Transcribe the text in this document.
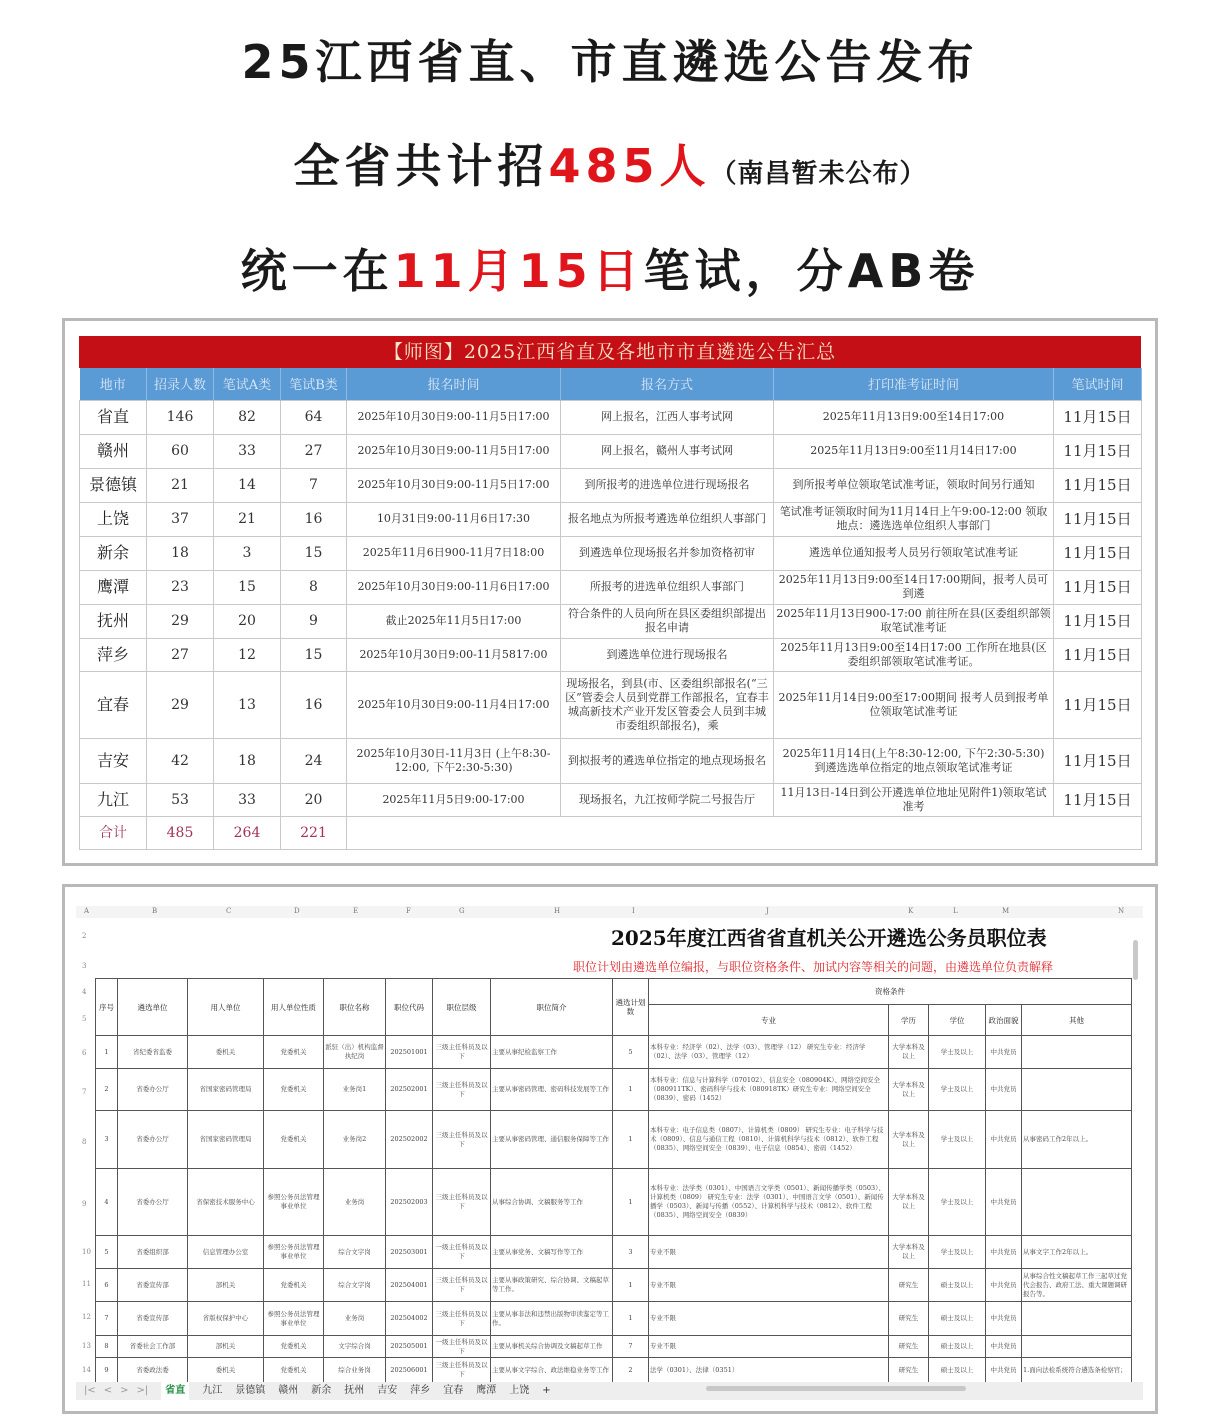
25江西省直、市直遴选公告发布
全省共计招485人（南昌暂未公布）
统一在11月15日笔试，分AB卷
【师图】2025江西省直及各地市市直遴选公告汇总
地市	招录人数	笔试A类	笔试B类	报名时间	报名方式	打印准考证时间	笔试时间
省直	146	82	64	2025年10月30日9:00-11月5日17:00	网上报名，江西人事考试网	2025年11月13日9:00至14日17:00	11月15日
赣州	60	33	27	2025年10月30日9:00-11月5日17:00	网上报名，赣州人事考试网	2025年11月13日9:00至11月14日17:00	11月15日
景德镇	21	14	7	2025年10月30日9:00-11月5日17:00	到所报考的进选单位进行现场报名	到所报考单位领取笔试准考证，领取时间另行通知	11月15日
上饶	37	21	16	10月31日9:00-11月6日17:30	报名地点为所报考遴选单位组织人事部门	笔试准考证领取时间为11月14日上午9:00-12:00 领取地点：遴选选单位组织人事部门	11月15日
新余	18	3	15	2025年11月6日900-11月7日18:00	到遴选单位现场报名并参加资格初审	遴选单位通知报考人员另行领取笔试准考证	11月15日
鹰潭	23	15	8	2025年10月30日9:00-11月6日17:00	所报考的进选单位组织人事部门	2025年11月13日9:00至14日17:00期间，报考人员可到遴	11月15日
抚州	29	20	9	截止2025年11月5日17:00	符合条件的人员向所在县区委组织部提出报名申请	2025年11月13日900-17:00 前往所在县(区委组织部领取笔试准考证	11月15日
萍乡	27	12	15	2025年10月30日9:00-11月5817:00	到遴选单位进行现场报名	2025年11月13日9:00至14日17:00 工作所在地县(区委组织部领取笔试准考证。	11月15日
宜春	29	13	16	2025年10月30日9:00-11月4日17:00	现场报名，到县(市、区委组织部报名(“三区”管委会人员到党群工作部报名，宜春丰城高新技术产业开发区管委会人员到丰城市委组织部报名)，乘	2025年11月14日9:00至17:00期间 报考人员到报考单位领取笔试准考证	11月15日
吉安	42	18	24	2025年10月30日-11月3日 (上午8:30-12:00, 下午2:30-5:30)	到拟报考的遴选单位指定的地点现场报名	2025年11月14日(上午8:30-12:00, 下午2:30-5:30) 到遴选选单位指定的地点领取笔试准考证	11月15日
九江	53	33	20	2025年11月5日9:00-17:00	现场报名，九江按师学院二号报告厅	11月13日-14日到公开遴选单位地址见附件1)领取笔试准考	11月15日
合计	485	264	221				
A	B	C	D	E	F	G	H	I	J	K	L	M	N
2
3
4
5
6
7
8
9
10
11
12
13
14
2025年度江西省省直机关公开遴选公务员职位表
职位计划由遴选单位编报，与职位资格条件、加试内容等相关的问题，由遴选单位负责解释
序号	遴选单位	用人单位	用人单位性质	职位名称	职位代码	职位层级	职位简介	遴选计划数	资格条件				
									专业	学历	学位	政治面貌	其他
1	省纪委省监委	委机关	党委机关	派驻（出）机构监督执纪岗	202501001	三级主任科员及以下	主要从事纪检监察工作	5	本科专业：经济学（02）、法学（03）、管理学（12） 研究生专业：经济学（02）、法学（03）、管理学（12）	大学本科及以上	学士及以上	中共党员	
2	省委办公厅	省国家密码管理局	党委机关	业务岗1	202502001	三级主任科员及以下	主要从事密码管理、密码科技发展等工作	1	本科专业：信息与计算科学（070102）、信息安全（080904K）、网络空间安全（080911TK）、密码科学与技术（080918TK）研究生专业：网络空间安全（0839）、密码（1452）	大学本科及以上	学士及以上	中共党员	
3	省委办公厅	省国家密码管理局	党委机关	业务岗2	202502002	三级主任科员及以下	主要从事密码管理、通信服务保障等工作	1	本科专业：电子信息类（0807）、计算机类（0809） 研究生专业：电子科学与技术（0809）、信息与通信工程（0810）、计算机科学与技术（0812）、软件工程（0835）、网络空间安全（0839）、电子信息（0854）、密码（1452）	大学本科及以上	学士及以上	中共党员	从事密码工作2年以上。
4	省委办公厅	省保密技术服务中心	参照公务员法管理事业单位	业务岗	202502003	三级主任科员及以下	从事综合协调、文稿服务等工作	1	本科专业：法学类（0301）、中国语言文学类（0501）、新闻传播学类（0503）、计算机类（0809） 研究生专业：法学（0301）、中国语言文学（0501）、新闻传播学（0503）、新闻与传播（0552）、计算机科学与技术（0812）、软件工程（0835）、网络空间安全（0839）	大学本科及以上	学士及以上	中共党员	
5	省委组织部	信息管理办公室	参照公务员法管理事业单位	综合文字岗	202503001	一级主任科员及以下	主要从事党务、文稿写作等工作	3	专业不限	大学本科及以上	学士及以上	中共党员	从事文字工作2年以上。
6	省委宣传部	部机关	党委机关	综合文字岗	202504001	三级主任科员及以下	主要从事政策研究、综合协调、文稿起草等工作。	1	专业不限	研究生	硕士及以上	中共党员	从事综合性文稿起草工作三起草过党代会报告、政府工法、重大课题调研报告等。
7	省委宣传部	省版权保护中心	参照公务员法管理事业单位	业务岗	202504002	三级主任科员及以下	主要从事非法和违禁出版物审读鉴定等工作。	1	专业不限	研究生	硕士及以上	中共党员	
8	省委社会工作部	部机关	党委机关	文字综合岗	202505001	一级主任科员及以下	主要从事机关综合协调及文稿起草工作	7	专业不限	研究生	硕士及以上	中共党员	
9	省委政法委	委机关	党委机关	综合业务岗	202506001	三级主任科员及以下	主要从事文字综合、政法维稳业务等工作	2	法学（0301）、法律（0351）	研究生	硕士及以上	中共党员	1.面向法检系统符合遴选条检察官；
|< < > >| 省直 九江 景德镇 赣州 新余 抚州 吉安 萍乡 宜春 鹰潭 上饶 +
